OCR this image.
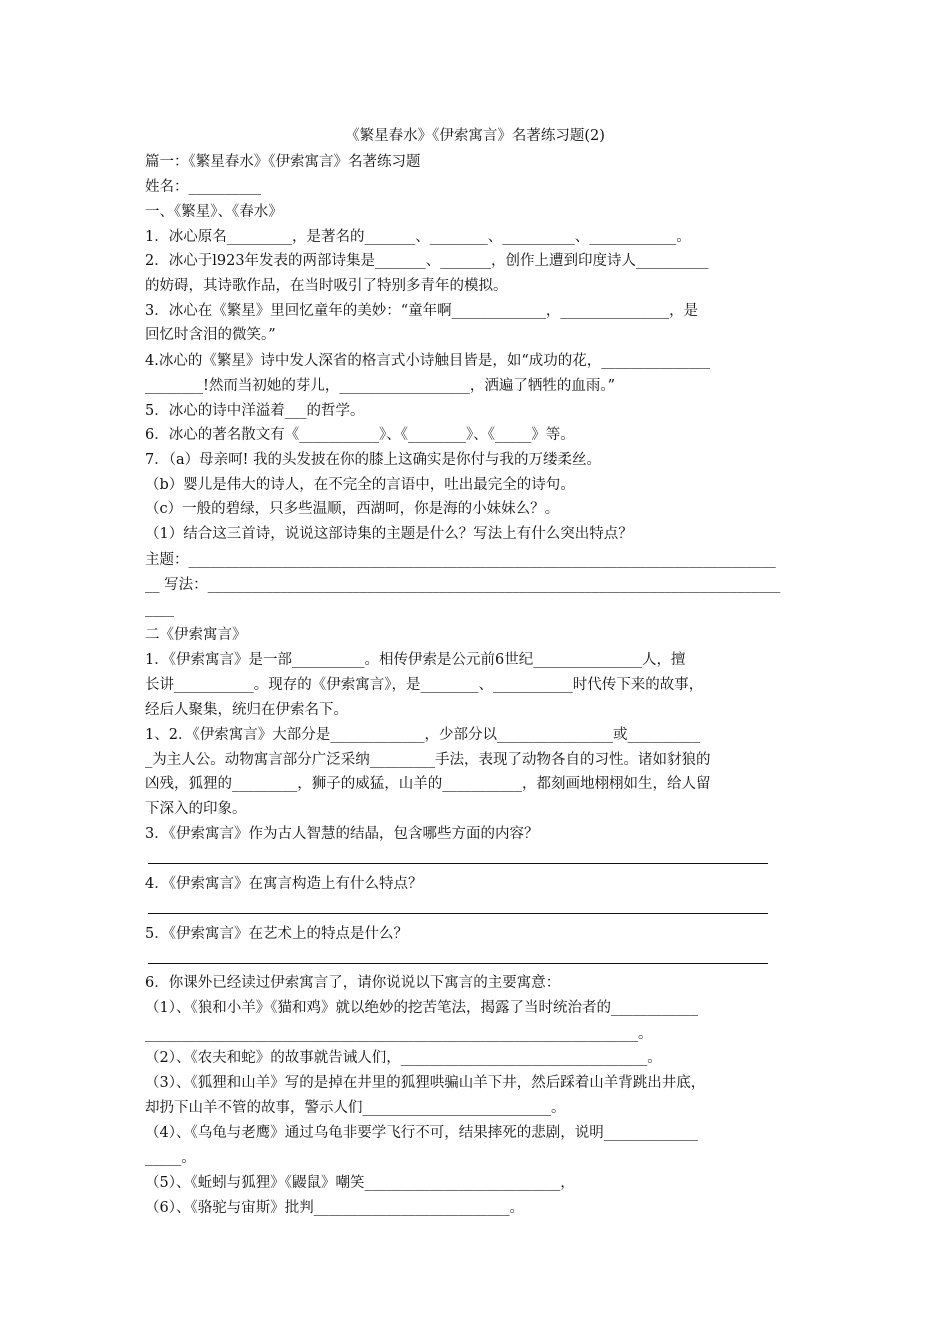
《繁星春水》《伊索寓言》名著练习题(2)
篇一：《繁星春水》《伊索寓言》名著练习题
姓名：__________
一、《繁星》、《春水》
1．冰心原名_________，是著名的_______、________、__________、____________。
2．冰心于l923年发表的两部诗集是_______、_______，创作上遭到印度诗人__________
的妨碍，其诗歌作品，在当时吸引了特别多青年的模拟。
3．冰心在《繁星》里回忆童年的美妙：“童年啊_____________，_______________，是
回忆时含泪的微笑。”
4.冰心的《繁星》诗中发人深省的格言式小诗触目皆是，如“成功的花，_______________
________!然而当初她的芽儿，__________________，洒遍了牺牲的血雨。”
5．冰心的诗中洋溢着___的哲学。
6．冰心的著名散文有《___________》、《________》、《_____》等。
7．（a）母亲呵! 我的头发披在你的膝上这确实是你付与我的万缕柔丝。
（b）婴儿是伟大的诗人，在不完全的言语中，吐出最完全的诗句。
（c）一般的碧绿，只多些温顺，西湖呵，你是海的小妹妹么？。
（1）结合这三首诗，说说这部诗集的主题是什么？写法上有什么突出特点？
主题：_________________________________________________________________________________
__ 写法：_______________________________________________________________________________
____
二《伊索寓言》
1．《伊索寓言》是一部__________。相传伊索是公元前6世纪_______________人，擅
长讲___________。现存的《伊索寓言》，是________、___________时代传下来的故事，
经后人聚集，统归在伊索名下。
1、2．《伊索寓言》大部分是_____________，少部分以________________或__________
_为主人公。动物寓言部分广泛采纳_________手法，表现了动物各自的习性。诸如豺狼的
凶残，狐狸的_________，狮子的威猛，山羊的___________，都刻画地栩栩如生，给人留
下深入的印象。
3．《伊索寓言》作为古人智慧的结晶，包含哪些方面的内容？
4．《伊索寓言》在寓言构造上有什么特点？
5．《伊索寓言》在艺术上的特点是什么？
6．你课外已经读过伊索寓言了，请你说说以下寓言的主要寓意：
（1）、《狼和小羊》《猫和鸡》就以绝妙的挖苦笔法，揭露了当时统治者的____________
____________________________________________________________________。
（2）、《农夫和蛇》的故事就告诫人们，__________________________________。
（3）、《狐狸和山羊》写的是掉在井里的狐狸哄骗山羊下井，然后踩着山羊背跳出井底，
却扔下山羊不管的故事，警示人们__________________________。
（4）、《乌龟与老鹰》通过乌龟非要学飞行不可，结果摔死的悲剧，说明_____________
_____。
（5）、《蚯蚓与狐狸》《鼹鼠》嘲笑___________________________，
（6）、《骆驼与宙斯》批判___________________________。
